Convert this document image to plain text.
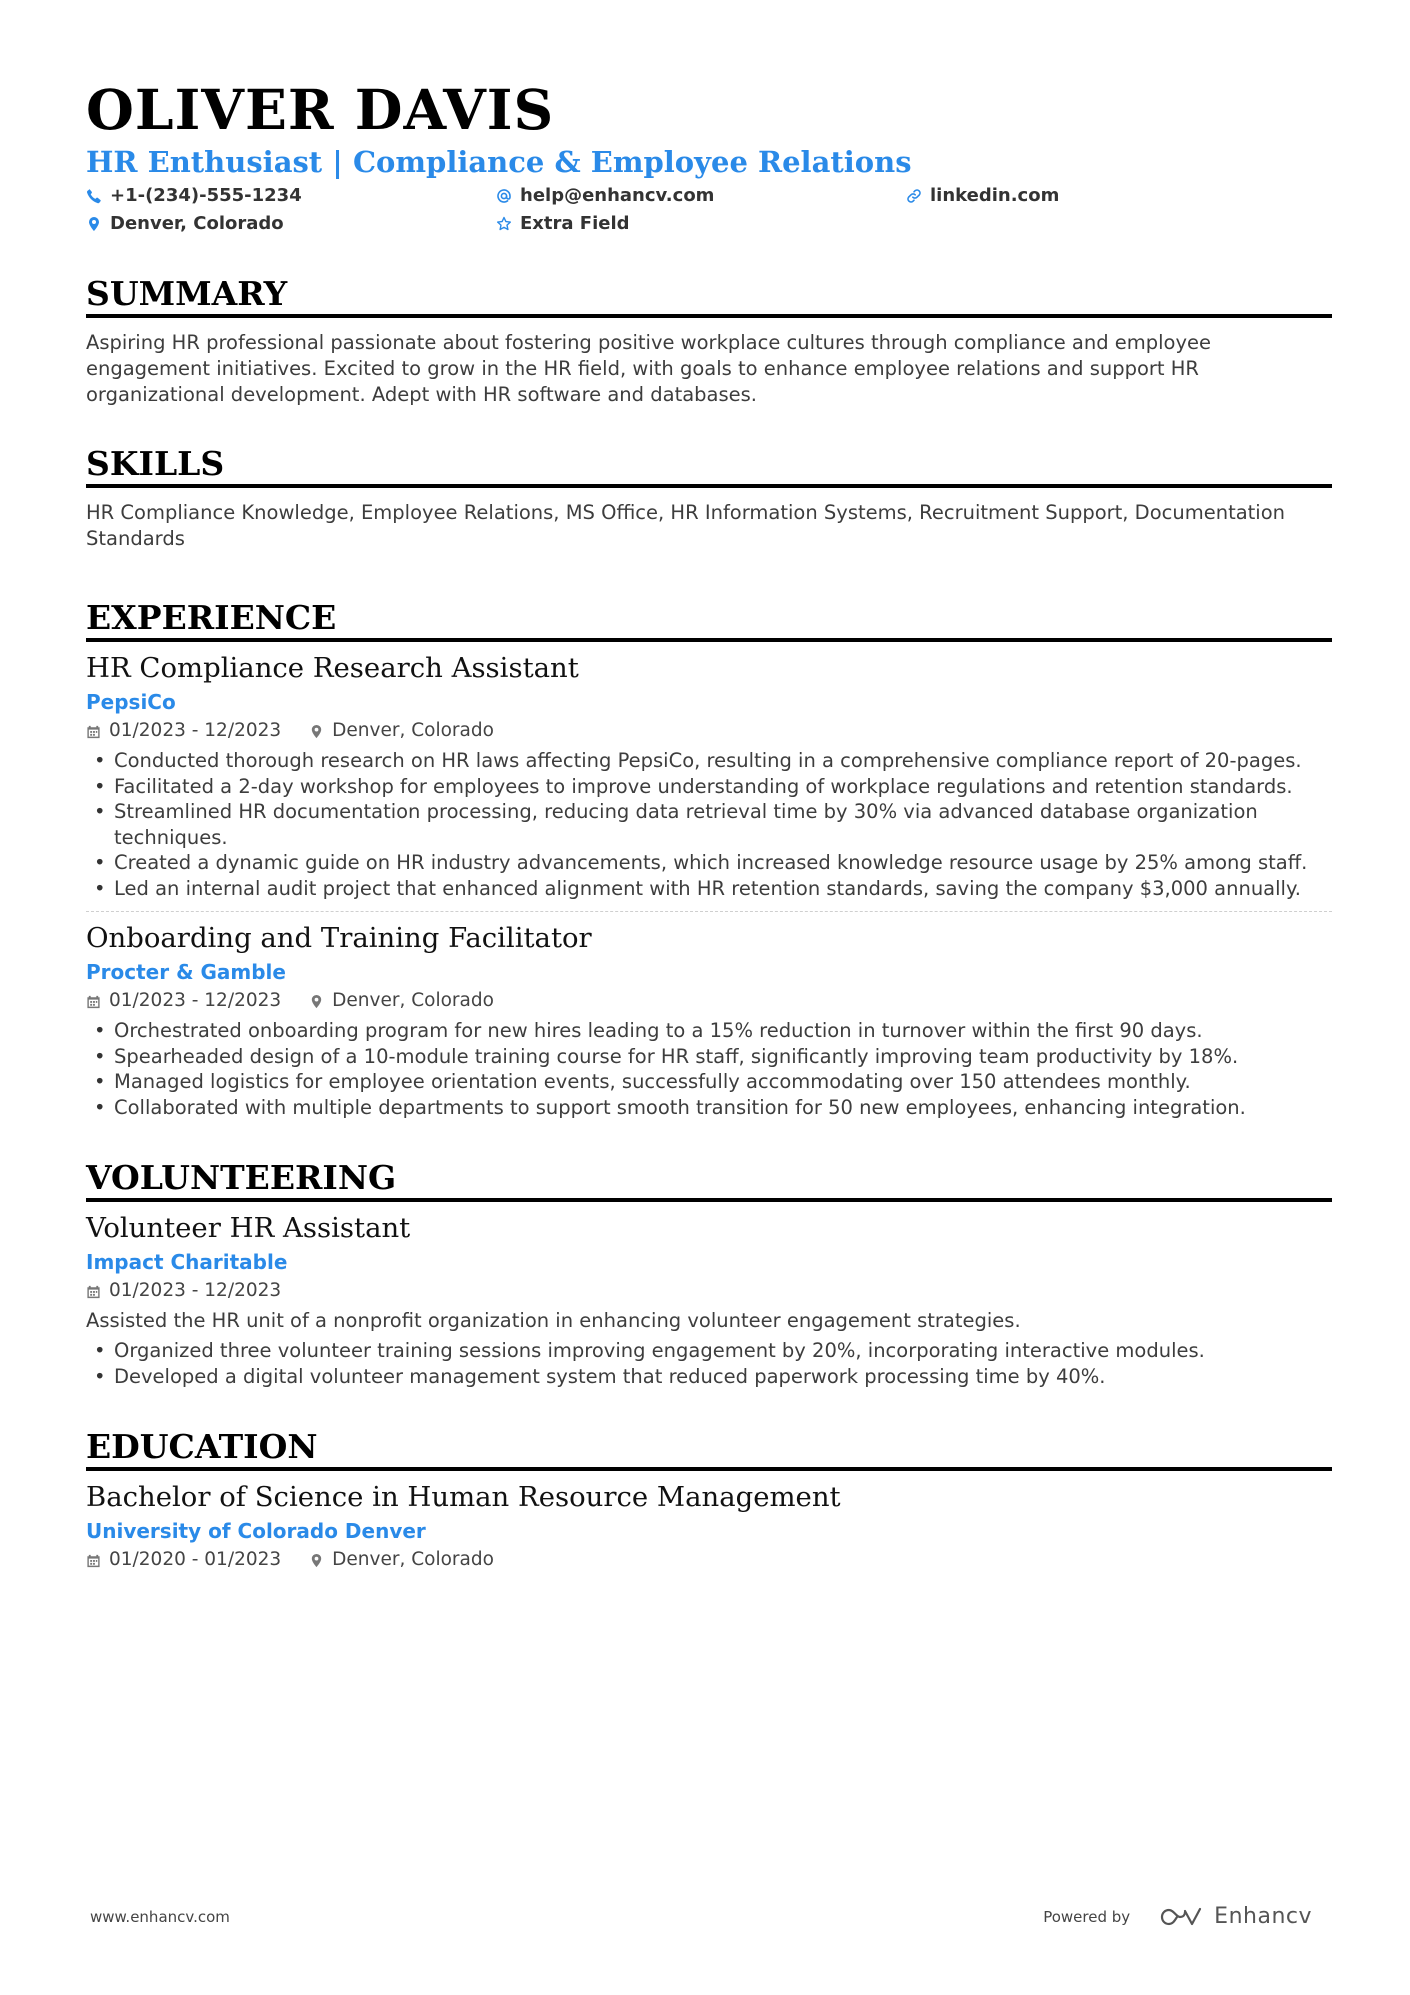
OLIVER DAVIS
HR Enthusiast | Compliance & Employee Relations
+1-(234)-555-1234	help@enhancv.com	linkedin.com
Denver, Colorado	Extra Field
SUMMARY
Aspiring HR professional passionate about fostering positive workplace cultures through compliance and employee engagement initiatives. Excited to grow in the HR field, with goals to enhance employee relations and support HR organizational development. Adept with HR software and databases.
SKILLS
HR Compliance Knowledge, Employee Relations, MS Office, HR Information Systems, Recruitment Support, Documentation Standards
EXPERIENCE
HR Compliance Research Assistant
PepsiCo
01/2023 - 12/2023	Denver, Colorado
• Conducted thorough research on HR laws affecting PepsiCo, resulting in a comprehensive compliance report of 20-pages.
• Facilitated a 2-day workshop for employees to improve understanding of workplace regulations and retention standards.
• Streamlined HR documentation processing, reducing data retrieval time by 30% via advanced database organization techniques.
• Created a dynamic guide on HR industry advancements, which increased knowledge resource usage by 25% among staff.
• Led an internal audit project that enhanced alignment with HR retention standards, saving the company $3,000 annually.
Onboarding and Training Facilitator
Procter & Gamble
01/2023 - 12/2023	Denver, Colorado
• Orchestrated onboarding program for new hires leading to a 15% reduction in turnover within the first 90 days.
• Spearheaded design of a 10-module training course for HR staff, significantly improving team productivity by 18%.
• Managed logistics for employee orientation events, successfully accommodating over 150 attendees monthly.
• Collaborated with multiple departments to support smooth transition for 50 new employees, enhancing integration.
VOLUNTEERING
Volunteer HR Assistant
Impact Charitable
01/2023 - 12/2023
Assisted the HR unit of a nonprofit organization in enhancing volunteer engagement strategies.
• Organized three volunteer training sessions improving engagement by 20%, incorporating interactive modules.
• Developed a digital volunteer management system that reduced paperwork processing time by 40%.
EDUCATION
Bachelor of Science in Human Resource Management
University of Colorado Denver
01/2020 - 01/2023	Denver, Colorado
www.enhancv.com	Powered by	Enhancv
